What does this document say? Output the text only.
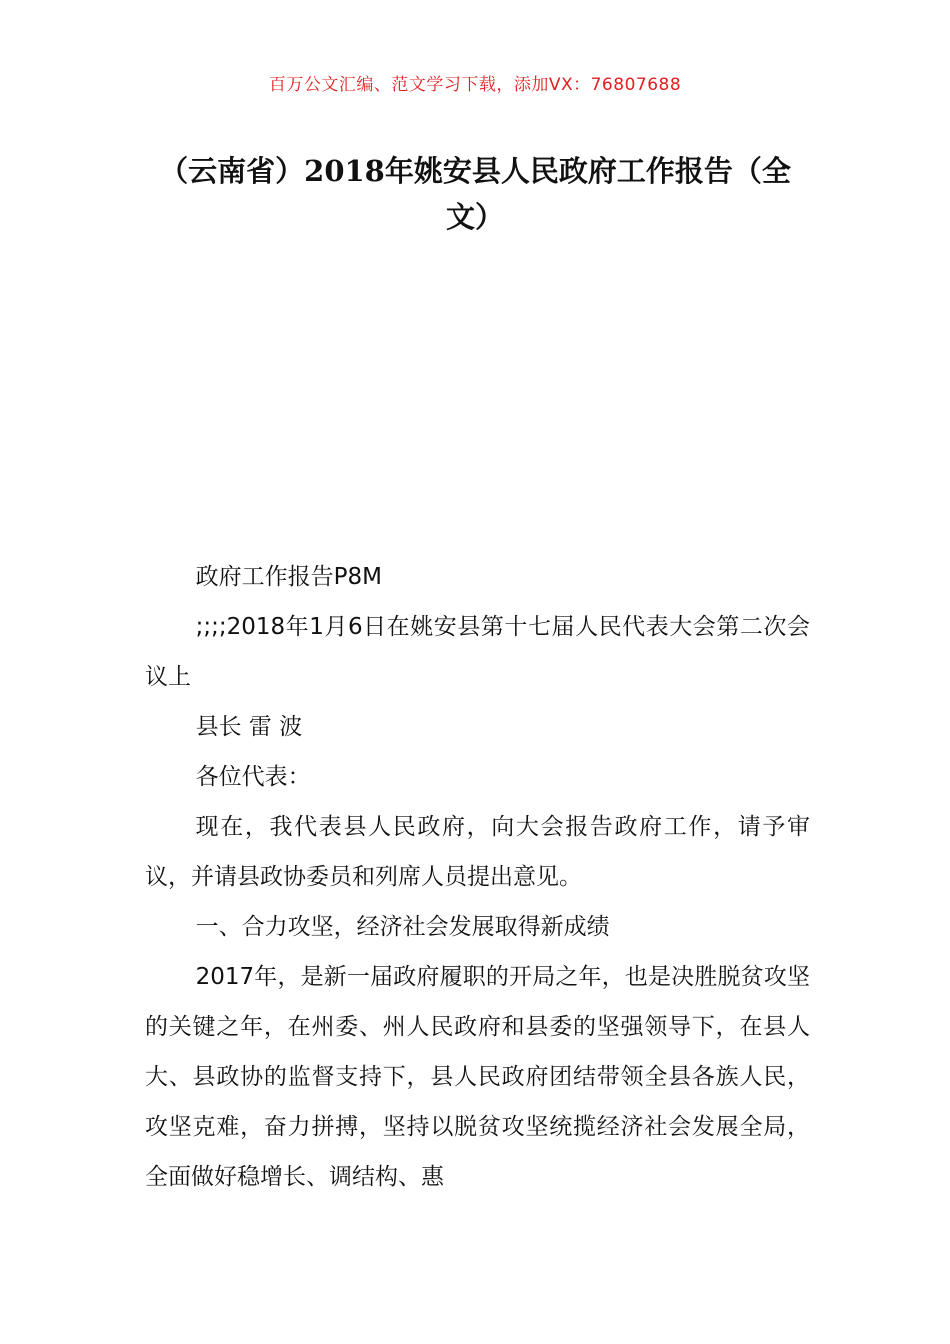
百万公文汇编、范文学习下载，添加VX：76807688
（云南省）2018年姚安县人民政府工作报告（全文）

政府工作报告P8M

;;;;2018年1月6日在姚安县第十七届人民代表大会第二次会议上

县长 雷 波

各位代表：

现在，我代表县人民政府，向大会报告政府工作，请予审议，并请县政协委员和列席人员提出意见。

一、合力攻坚，经济社会发展取得新成绩

2017年，是新一届政府履职的开局之年，也是决胜脱贫攻坚的关键之年，在州委、州人民政府和县委的坚强领导下，在县人大、县政协的监督支持下，县人民政府团结带领全县各族人民，攻坚克难，奋力拼搏，坚持以脱贫攻坚统揽经济社会发展全局，全面做好稳增长、调结构、惠
